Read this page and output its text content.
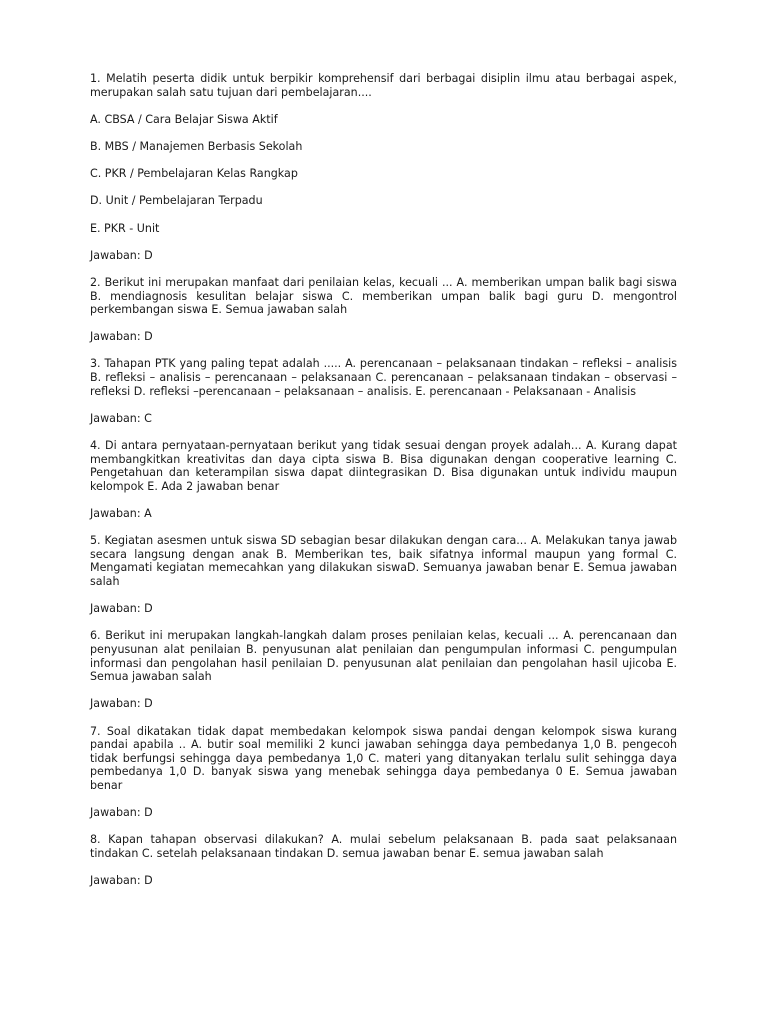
1. Melatih peserta didik untuk berpikir komprehensif dari berbagai disiplin ilmu atau berbagai aspek, merupakan salah satu tujuan dari pembelajaran....

A. CBSA / Cara Belajar Siswa Aktif

B. MBS / Manajemen Berbasis Sekolah

C. PKR / Pembelajaran Kelas Rangkap

D. Unit / Pembelajaran Terpadu

E. PKR - Unit

Jawaban: D

2. Berikut ini merupakan manfaat dari penilaian kelas, kecuali ... A. memberikan umpan balik bagi siswa B. mendiagnosis kesulitan belajar siswa C. memberikan umpan balik bagi guru D. mengontrol perkembangan siswa E. Semua jawaban salah

Jawaban: D

3. Tahapan PTK yang paling tepat adalah ..... A. perencanaan – pelaksanaan tindakan – refleksi – analisis B. refleksi – analisis – perencanaan – pelaksanaan C. perencanaan – pelaksanaan tindakan – observasi – refleksi D. refleksi –perencanaan – pelaksanaan – analisis. E. perencanaan - Pelaksanaan - Analisis

Jawaban: C

4. Di antara pernyataan-pernyataan berikut yang tidak sesuai dengan proyek adalah... A. Kurang dapat membangkitkan kreativitas dan daya cipta siswa B. Bisa digunakan dengan cooperative learning C. Pengetahuan dan keterampilan siswa dapat diintegrasikan D. Bisa digunakan untuk individu maupun kelompok E. Ada 2 jawaban benar

Jawaban: A

5. Kegiatan asesmen untuk siswa SD sebagian besar dilakukan dengan cara... A. Melakukan tanya jawab secara langsung dengan anak B. Memberikan tes, baik sifatnya informal maupun yang formal C. Mengamati kegiatan memecahkan yang dilakukan siswaD. Semuanya jawaban benar E. Semua jawaban salah

Jawaban: D

6. Berikut ini merupakan langkah-langkah dalam proses penilaian kelas, kecuali ... A. perencanaan dan penyusunan alat penilaian B. penyusunan alat penilaian dan pengumpulan informasi C. pengumpulan informasi dan pengolahan hasil penilaian D. penyusunan alat penilaian dan pengolahan hasil ujicoba E. Semua jawaban salah

Jawaban: D

7. Soal dikatakan tidak dapat membedakan kelompok siswa pandai dengan kelompok siswa kurang pandai apabila .. A. butir soal memiliki 2 kunci jawaban sehingga daya pembedanya 1,0 B. pengecoh tidak berfungsi sehingga daya pembedanya 1,0 C. materi yang ditanyakan terlalu sulit sehingga daya pembedanya 1,0 D. banyak siswa yang menebak sehingga daya pembedanya 0 E. Semua jawaban benar

Jawaban: D

8. Kapan tahapan observasi dilakukan? A. mulai sebelum pelaksanaan B. pada saat pelaksanaan tindakan C. setelah pelaksanaan tindakan D. semua jawaban benar E. semua jawaban salah

Jawaban: D
